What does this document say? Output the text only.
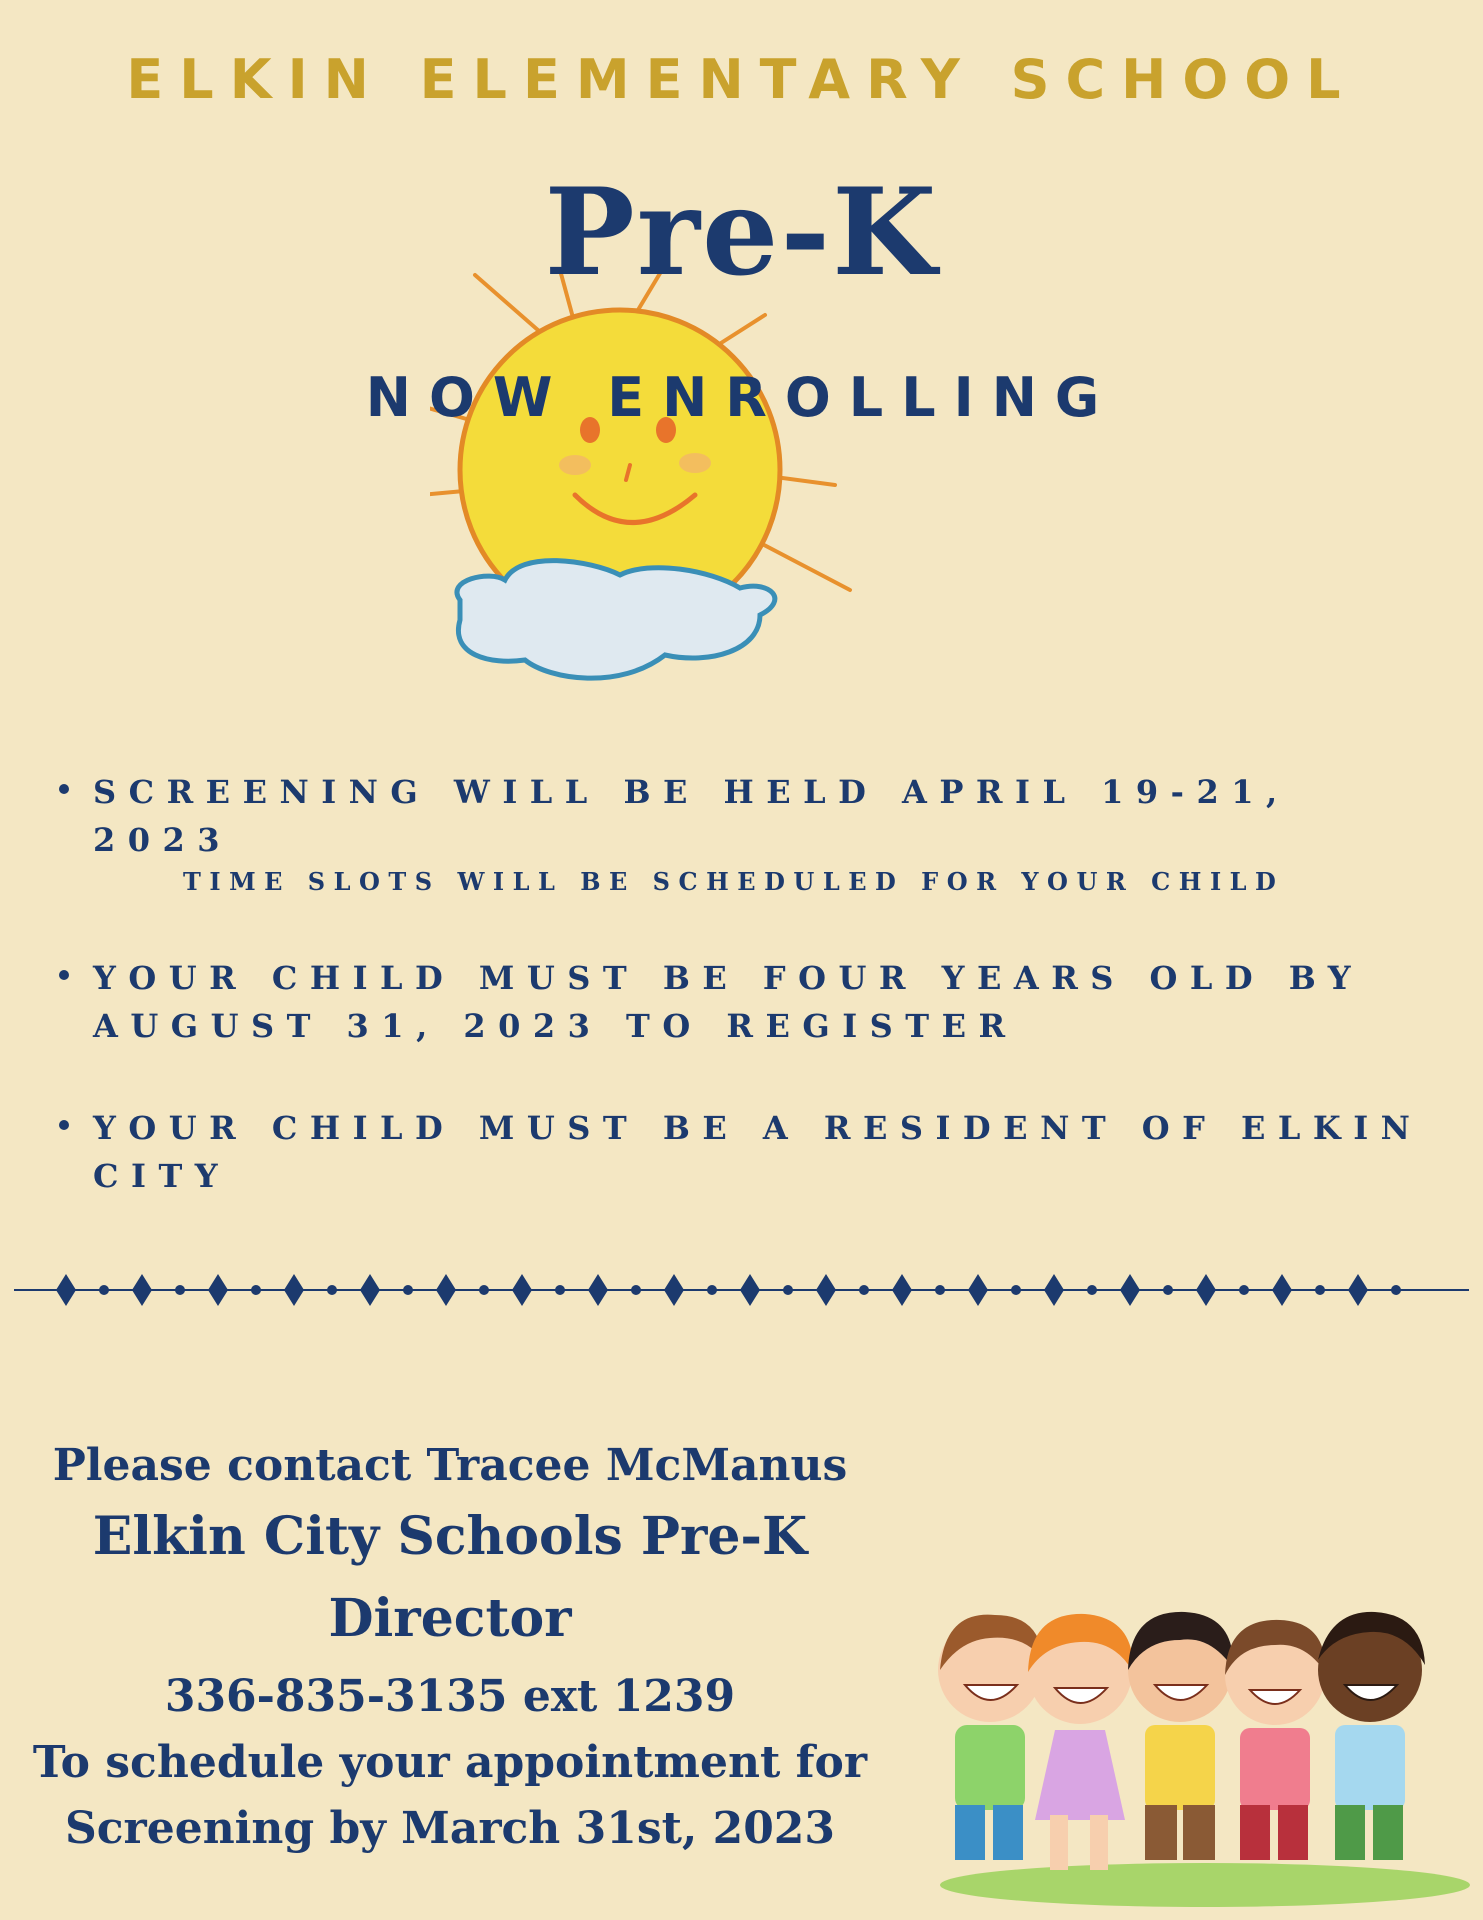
ELKIN ELEMENTARY SCHOOL
Pre-K
NOW ENROLLING
SCREENING WILL BE HELD APRIL 19-21, 2023
TIME SLOTS WILL BE SCHEDULED FOR YOUR CHILD
YOUR CHILD MUST BE FOUR YEARS OLD BY AUGUST 31, 2023 TO REGISTER
YOUR CHILD MUST BE A RESIDENT OF ELKIN CITY
Please contact Tracee McManus
Elkin City Schools Pre-K
Director
336-835-3135 ext 1239
To schedule your appointment for
Screening by March 31st, 2023
